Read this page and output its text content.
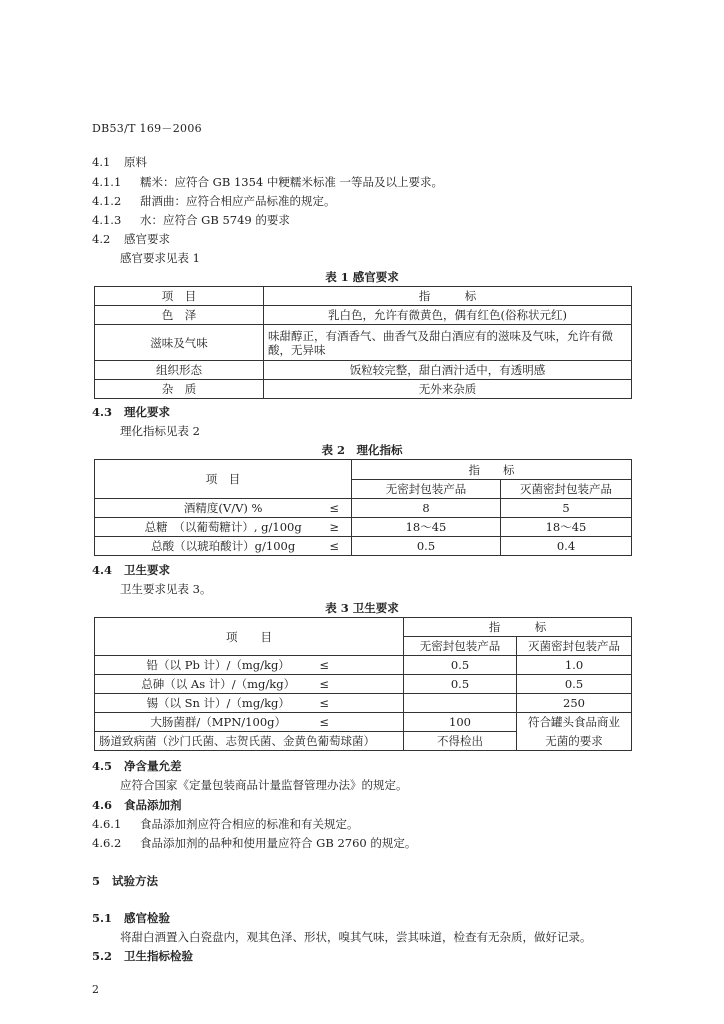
DB53/T 169－2006
4.1 原料
4.1.1 糯米：应符合 GB 1354 中粳糯米标准 一等品及以上要求。
4.1.2 甜酒曲：应符合相应产品标准的规定。
4.1.3 水：应符合 GB 5749 的要求
4.2 感官要求
感官要求见表 1
表 1 感官要求
项　目	指　　　标
色　泽	乳白色，允许有微黄色，偶有红色(俗称状元红)
滋味及气味	味甜醇正，有酒香气、曲香气及甜白酒应有的滋味及气味，允许有微酸，无异味
组织形态	饭粒较完整，甜白酒汁适中，有透明感
杂　质	无外来杂质
4.3 理化要求
理化指标见表 2
表 2　理化指标
项　目	指　　标	
	无密封包装产品	灭菌密封包装产品
酒精度(V/V) % ≤	8	5
总糖　（以葡萄糖计）, g/100g ≥	18～45	18～45
总酸（以琥珀酸计）g/100g ≤	0.5	0.4
4.4 卫生要求
卫生要求见表 3。
表 3 卫生要求
项　　目	指　　　标	
	无密封包装产品	灭菌密封包装产品
铅（以 Pb 计）/（mg/kg） ≤	0.5	1.0
总砷（以 As 计）/（mg/kg） ≤	0.5	0.5
锡（以 Sn 计）/（mg/kg） ≤		250
大肠菌群/（MPN/100g） ≤	100	符合罐头食品商业
肠道致病菌（沙门氏菌、志贺氏菌、金黄色葡萄球菌）	不得检出	无菌的要求
4.5 净含量允差
应符合国家《定量包装商品计量监督管理办法》的规定。
4.6 食品添加剂
4.6.1 食品添加剂应符合相应的标准和有关规定。
4.6.2 食品添加剂的品种和使用量应符合 GB 2760 的规定。
5 试验方法
5.1 感官检验
将甜白酒置入白瓷盘内，观其色泽、形状，嗅其气味，尝其味道，检查有无杂质，做好记录。
5.2 卫生指标检验
2
